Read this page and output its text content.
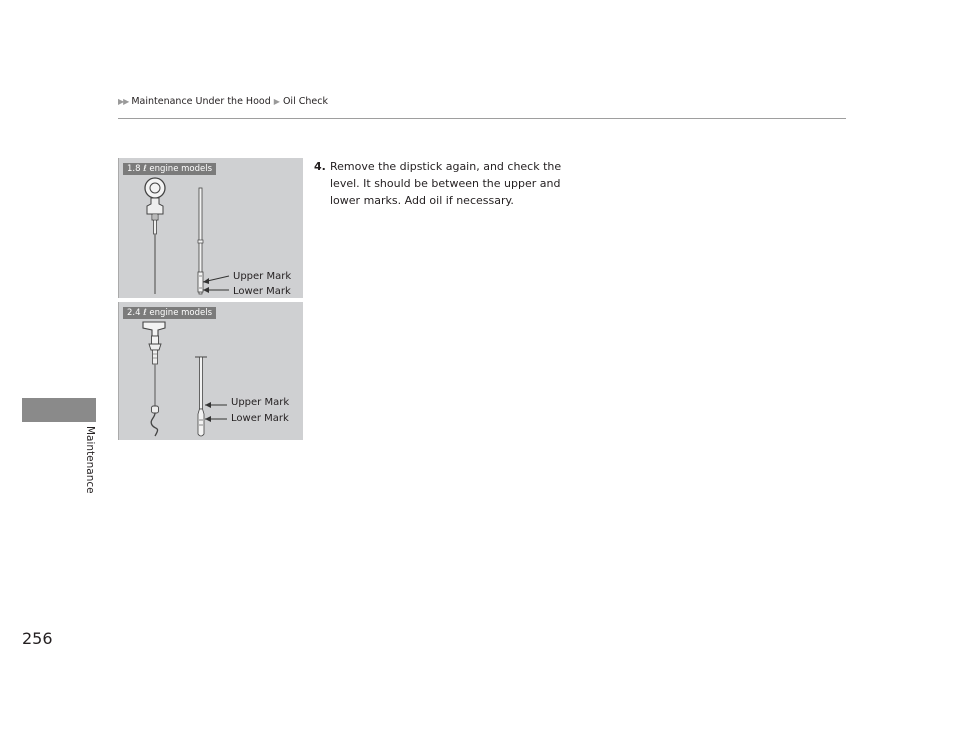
▶▶ Maintenance Under the Hood ▶ Oil Check
Maintenance
256
1.8 ℓ engine models
Upper Mark
Lower Mark
2.4 ℓ engine models
Upper Mark
Lower Mark
4. Remove the dipstick again, and check the level. It should be between the upper and lower marks. Add oil if necessary.
